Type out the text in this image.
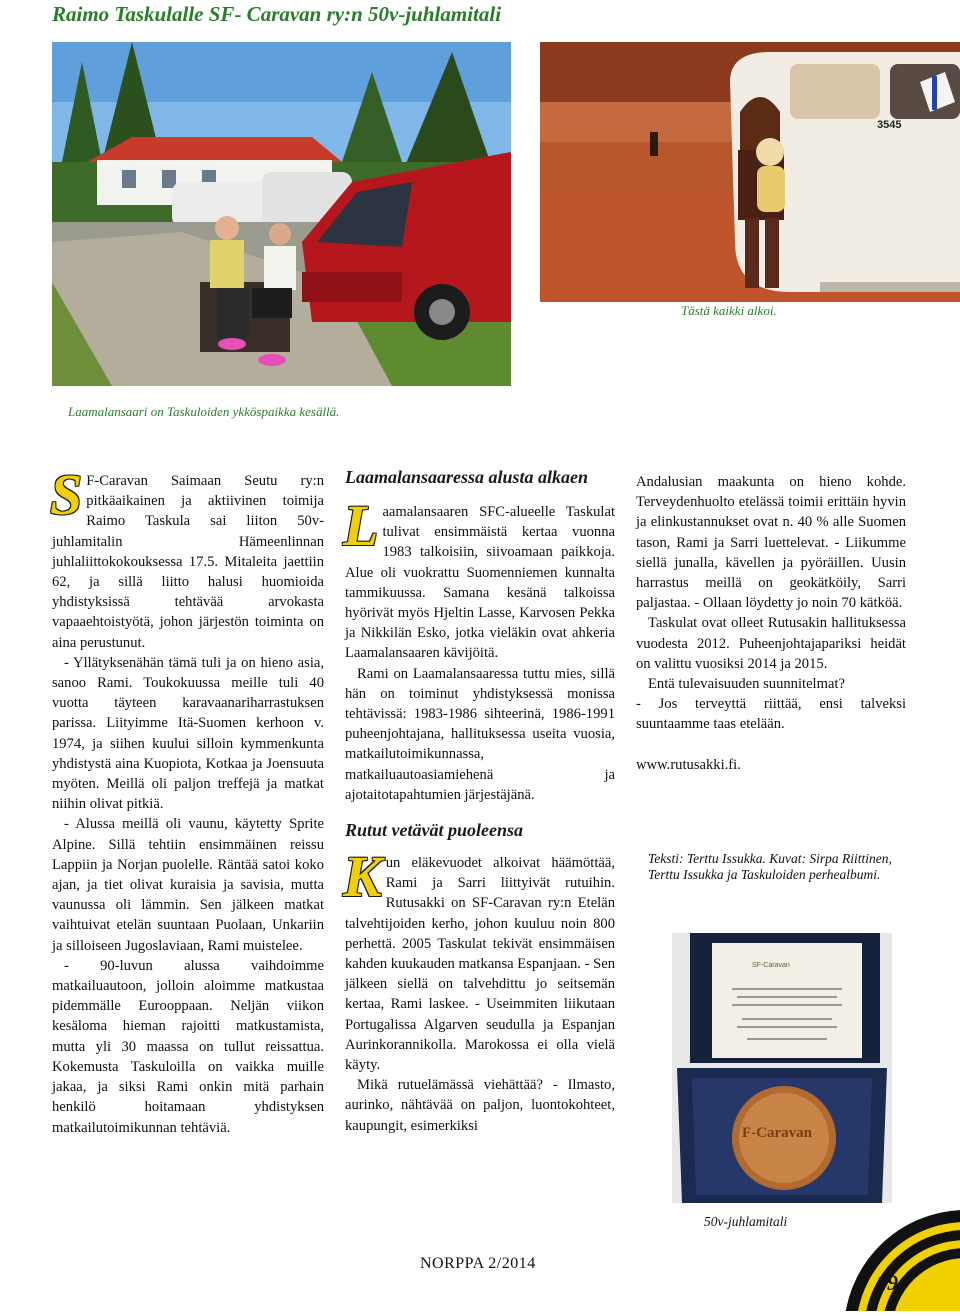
Raimo Taskulalle SF- Caravan ry:n 50v-juhlamitali
3545
Tästä kaikki alkoi.
Laamalansaari on Taskuloiden ykköspaikka kesällä.
S F-Caravan Saimaan Seutu ry:n pitkäaikainen ja aktiivinen toimija Raimo Taskula sai liiton 50v-juhlamitalin Hämeenlinnan juhlaliittokokouksessa 17.5. Mitaleita jaettiin 62, ja sillä liitto halusi huomioida yhdistyksissä tehtävää arvokasta vapaaehtoistyötä, johon järjestön toiminta on aina perustunut.

- Yllätyksenähän tämä tuli ja on hieno asia, sanoo Rami. Toukokuussa meille tuli 40 vuotta täyteen karavaanariharrastuksen parissa. Liityimme Itä-Suomen kerhoon v. 1974, ja siihen kuului silloin kymmenkunta yhdistystä aina Kuopiota, Kotkaa ja Joensuuta myöten. Meillä oli paljon treffejä ja matkat niihin olivat pitkiä.

- Alussa meillä oli vaunu, käytetty Sprite Alpine. Sillä tehtiin ensimmäinen reissu Lappiin ja Norjan puolelle. Räntää satoi koko ajan, ja tiet olivat kuraisia ja savisia, mutta vaunussa oli lämmin. Sen jälkeen matkat vaihtuivat etelän suuntaan Puolaan, Unkariin ja silloiseen Jugoslaviaan, Rami muistelee.

- 90-luvun alussa vaihdoimme matkailuautoon, jolloin aloimme matkustaa pidemmälle Eurooppaan. Neljän viikon kesäloma hieman rajoitti matkustamista, mutta yli 30 maassa on tullut reissattua. Kokemusta Taskuloilla on vaikka muille jakaa, ja siksi Rami onkin mitä parhain henkilö hoitamaan yhdistyksen matkailutoimikunnan tehtäviä.

Laamalansaaressa alusta alkaen
L aamalansaaren SFC-alueelle Taskulat tulivat ensimmäistä kertaa vuonna 1983 talkoisiin, siivoamaan paikkoja. Alue oli vuokrattu Suomenniemen kunnalta tammikuussa. Samana kesänä talkoissa hyörivät myös Hjeltin Lasse, Karvosen Pekka ja Nikkilän Esko, jotka vieläkin ovat ahkeria Laamalansaaren kävijöitä.

Rami on Laamalansaaressa tuttu mies, sillä hän on toiminut yhdistyksessä monissa tehtävissä: 1983-1986 sihteerinä, 1986-1991 puheenjohtajana, hallituksessa useita vuosia, matkailutoimikunnassa, matkailuautoasiamiehenä ja ajotaitotapahtumien järjestäjänä.

Rutut vetävät puoleensa
K un eläkevuodet alkoivat häämöttää, Rami ja Sarri liittyivät rutuihin. Rutusakki on SF-Caravan ry:n Etelän talvehtijoiden kerho, johon kuuluu noin 800 perhettä. 2005 Taskulat tekivät ensimmäisen kahden kuukauden matkansa Espanjaan. - Sen jälkeen siellä on talvehdittu jo seitsemän kertaa, Rami laskee. - Useimmiten liikutaan Portugalissa Algarven seudulla ja Espanjan Aurinkorannikolla. Marokossa ei olla vielä käyty.

Mikä rutuelämässä viehättää? - Ilmasto, aurinko, nähtävää on paljon, luontokohteet, kaupungit, esimerkiksi

Andalusian maakunta on hieno kohde. Terveydenhuolto etelässä toimii erittäin hyvin ja elinkustannukset ovat n. 40 % alle Suomen tason, Rami ja Sarri luettelevat. - Liikumme siellä junalla, kävellen ja pyöräillen. Uusin harrastus meillä on geokätköily, Sarri paljastaa. - Ollaan löydetty jo noin 70 kätköä.

Taskulat ovat olleet Rutusakin hallituksessa vuodesta 2012. Puheenjohtajapariksi heidät on valittu vuosiksi 2014 ja 2015.

Entä tulevaisuuden suunnitelmat?

- Jos terveyttä riittää, ensi talveksi suuntaamme taas etelään.

www.rutusakki.fi.

Teksti: Terttu Issukka. Kuvat: Sirpa Riittinen, Terttu Issukka ja Taskuloiden perhealbumi.
SF-Caravan
F-Caravan
50v-juhlamitali
NORPPA 2/2014
19
